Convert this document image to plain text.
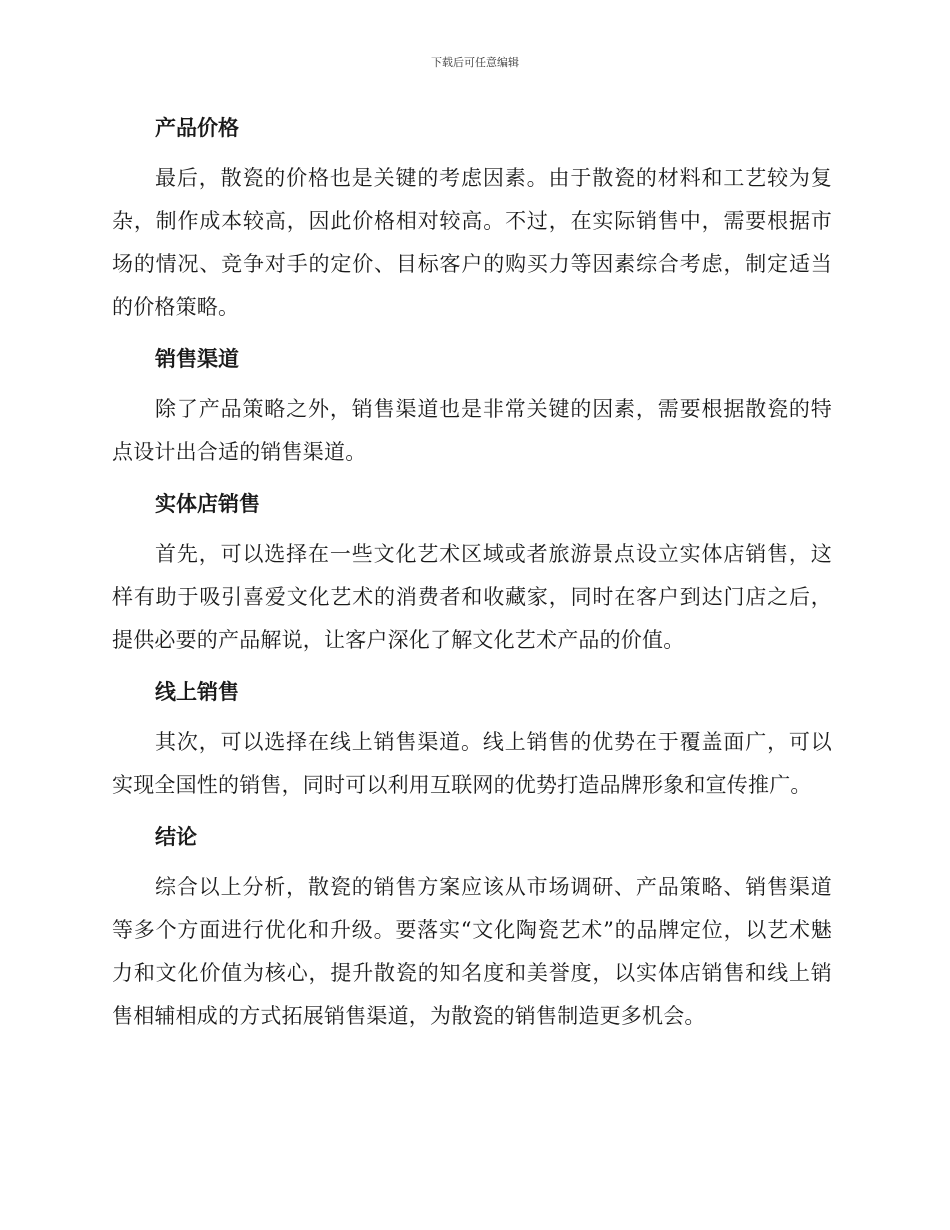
下载后可任意编辑
产品价格

最后，散瓷的价格也是关键的考虑因素。由于散瓷的材料和工艺较为复杂，制作成本较高，因此价格相对较高。不过，在实际销售中，需要根据市场的情况、竞争对手的定价、目标客户的购买力等因素综合考虑，制定适当的价格策略。

销售渠道

除了产品策略之外，销售渠道也是非常关键的因素，需要根据散瓷的特点设计出合适的销售渠道。

实体店销售

首先，可以选择在一些文化艺术区域或者旅游景点设立实体店销售，这样有助于吸引喜爱文化艺术的消费者和收藏家，同时在客户到达门店之后，提供必要的产品解说，让客户深化了解文化艺术产品的价值。

线上销售

其次，可以选择在线上销售渠道。线上销售的优势在于覆盖面广，可以实现全国性的销售，同时可以利用互联网的优势打造品牌形象和宣传推广。

结论

综合以上分析，散瓷的销售方案应该从市场调研、产品策略、销售渠道等多个方面进行优化和升级。要落实“文化陶瓷艺术”的品牌定位，以艺术魅力和文化价值为核心，提升散瓷的知名度和美誉度，以实体店销售和线上销售相辅相成的方式拓展销售渠道，为散瓷的销售制造更多机会。
